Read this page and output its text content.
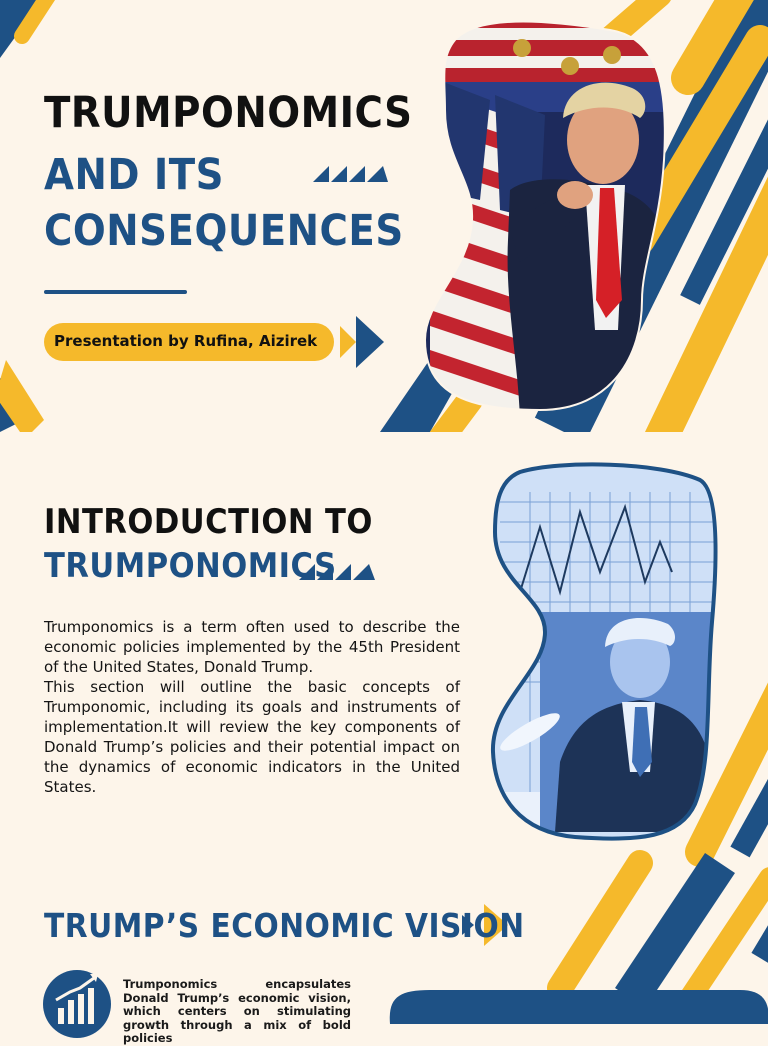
TRUMPONOMICS
AND ITS
CONSEQUENCES
Presentation by Rufina, Aizirek
INTRODUCTION TO
TRUMPONOMICS

Trumponomics is a term often used to describe the economic policies implemented by the 45th President of the United States, Donald Trump.

This section will outline the basic concepts of Trumponomic, including its goals and instruments of implementation.It will review the key components of Donald Trump’s policies and their potential impact on the dynamics of economic indicators in the United States.

TRUMP’S ECONOMIC VISION

Trumponomics encapsulates Donald Trump’s economic vision, which centers on stimulating growth through a mix of bold policies
